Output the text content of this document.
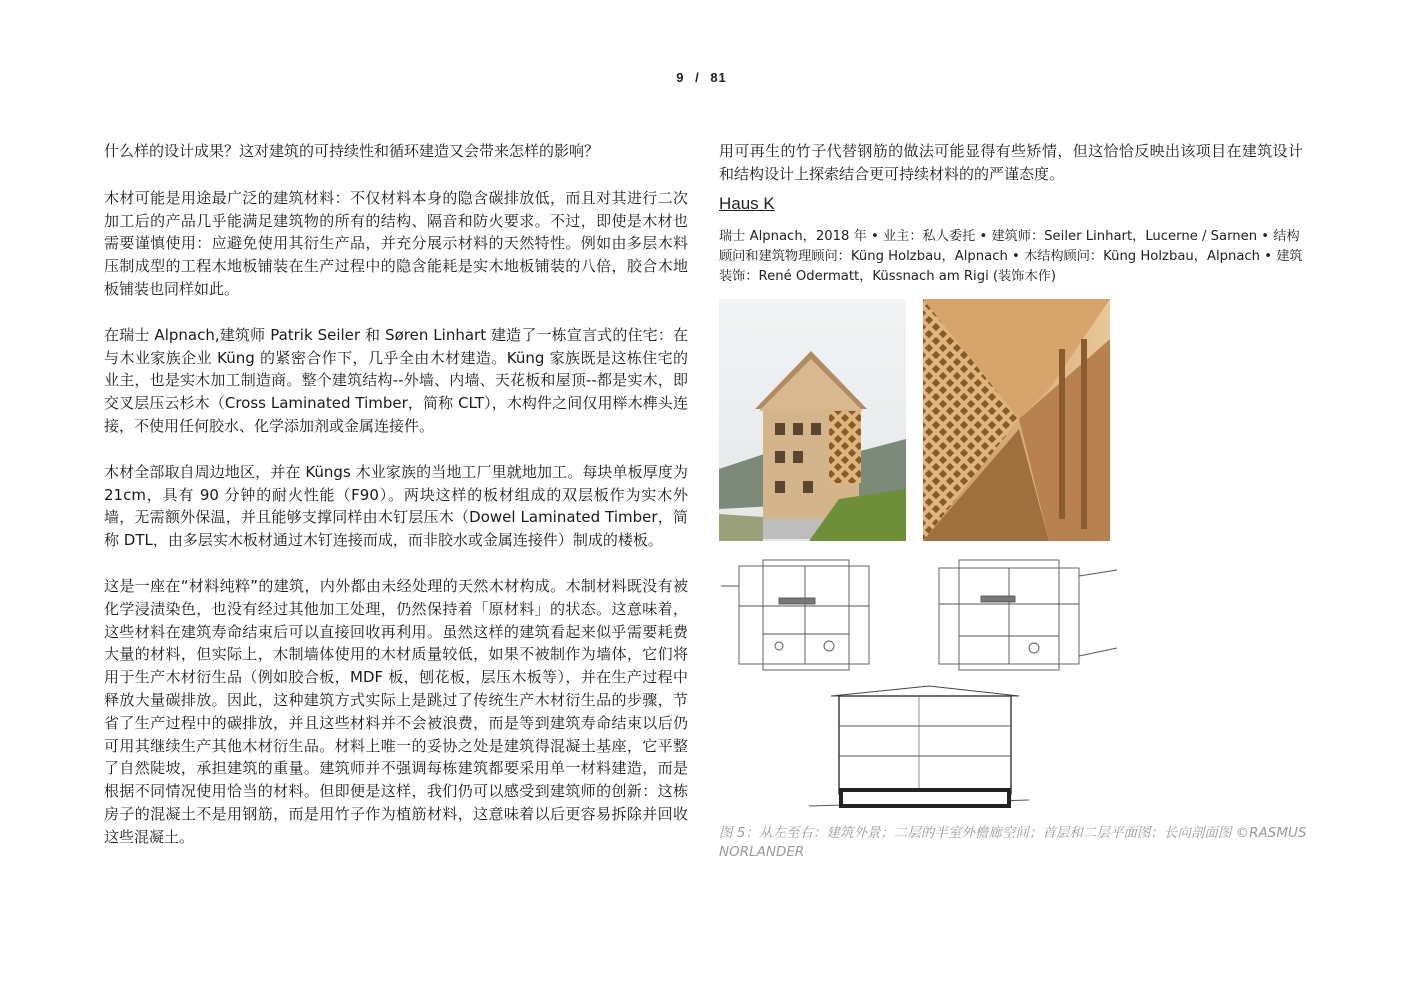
9 / 81

什么样的设计成果？这对建筑的可持续性和循环建造又会带来怎样的影响？

木材可能是用途最广泛的建筑材料：不仅材料本身的隐含碳排放低，而且对其进行二次加工后的产品几乎能满足建筑物的所有的结构、隔音和防火要求。不过，即使是木材也需要谨慎使用：应避免使用其衍生产品，并充分展示材料的天然特性。例如由多层木料压制成型的工程木地板铺装在生产过程中的隐含能耗是实木地板铺装的八倍，胶合木地板铺装也同样如此。

在瑞士 Alpnach,建筑师 Patrik Seiler 和 Søren Linhart 建造了一栋宣言式的住宅：在与木业家族企业 Küng 的紧密合作下，几乎全由木材建造。Küng 家族既是这栋住宅的业主，也是实木加工制造商。整个建筑结构--外墙、内墙、天花板和屋顶--都是实木，即交叉层压云杉木（Cross Laminated Timber，简称 CLT），木构件之间仅用榉木榫头连接，不使用任何胶水、化学添加剂或金属连接件。

木材全部取自周边地区，并在 Küngs 木业家族的当地工厂里就地加工。每块单板厚度为 21cm，具有 90 分钟的耐火性能（F90）。两块这样的板材组成的双层板作为实木外墙，无需额外保温，并且能够支撑同样由木钉层压木（Dowel Laminated Timber，简称 DTL，由多层实木板材通过木钉连接而成，而非胶水或金属连接件）制成的楼板。

这是一座在“材料纯粹”的建筑，内外都由未经处理的天然木材构成。木制材料既没有被化学浸渍染色，也没有经过其他加工处理，仍然保持着「原材料」的状态。这意味着，这些材料在建筑寿命结束后可以直接回收再利用。虽然这样的建筑看起来似乎需要耗费大量的材料，但实际上，木制墙体使用的木材质量较低，如果不被制作为墙体，它们将用于生产木材衍生品（例如胶合板，MDF 板，刨花板，层压木板等），并在生产过程中释放大量碳排放。因此，这种建筑方式实际上是跳过了传统生产木材衍生品的步骤，节省了生产过程中的碳排放，并且这些材料并不会被浪费，而是等到建筑寿命结束以后仍可用其继续生产其他木材衍生品。材料上唯一的妥协之处是建筑得混凝土基座，它平整了自然陡坡，承担建筑的重量。建筑师并不强调每栋建筑都要采用单一材料建造，而是根据不同情况使用恰当的材料。但即便是这样，我们仍可以感受到建筑师的创新：这栋房子的混凝土不是用钢筋，而是用竹子作为植筋材料，这意味着以后更容易拆除并回收这些混凝土。

用可再生的竹子代替钢筋的做法可能显得有些矫情，但这恰恰反映出该项目在建筑设计和结构设计上探索结合更可持续材料的的严谨态度。

Haus K

瑞士 Alpnach，2018 年 • 业主：私人委托 • 建筑师：Seiler Linhart，Lucerne / Sarnen • 结构顾问和建筑物理顾问：Küng Holzbau，Alpnach • 木结构顾问：Küng Holzbau，Alpnach • 建筑装饰：René Odermatt，Küssnach am Rigi (装饰木作)

图 5：从左至右：建筑外景；二层的半室外檐廊空间；首层和二层平面图；长向剖面图 ©RASMUS NORLANDER
